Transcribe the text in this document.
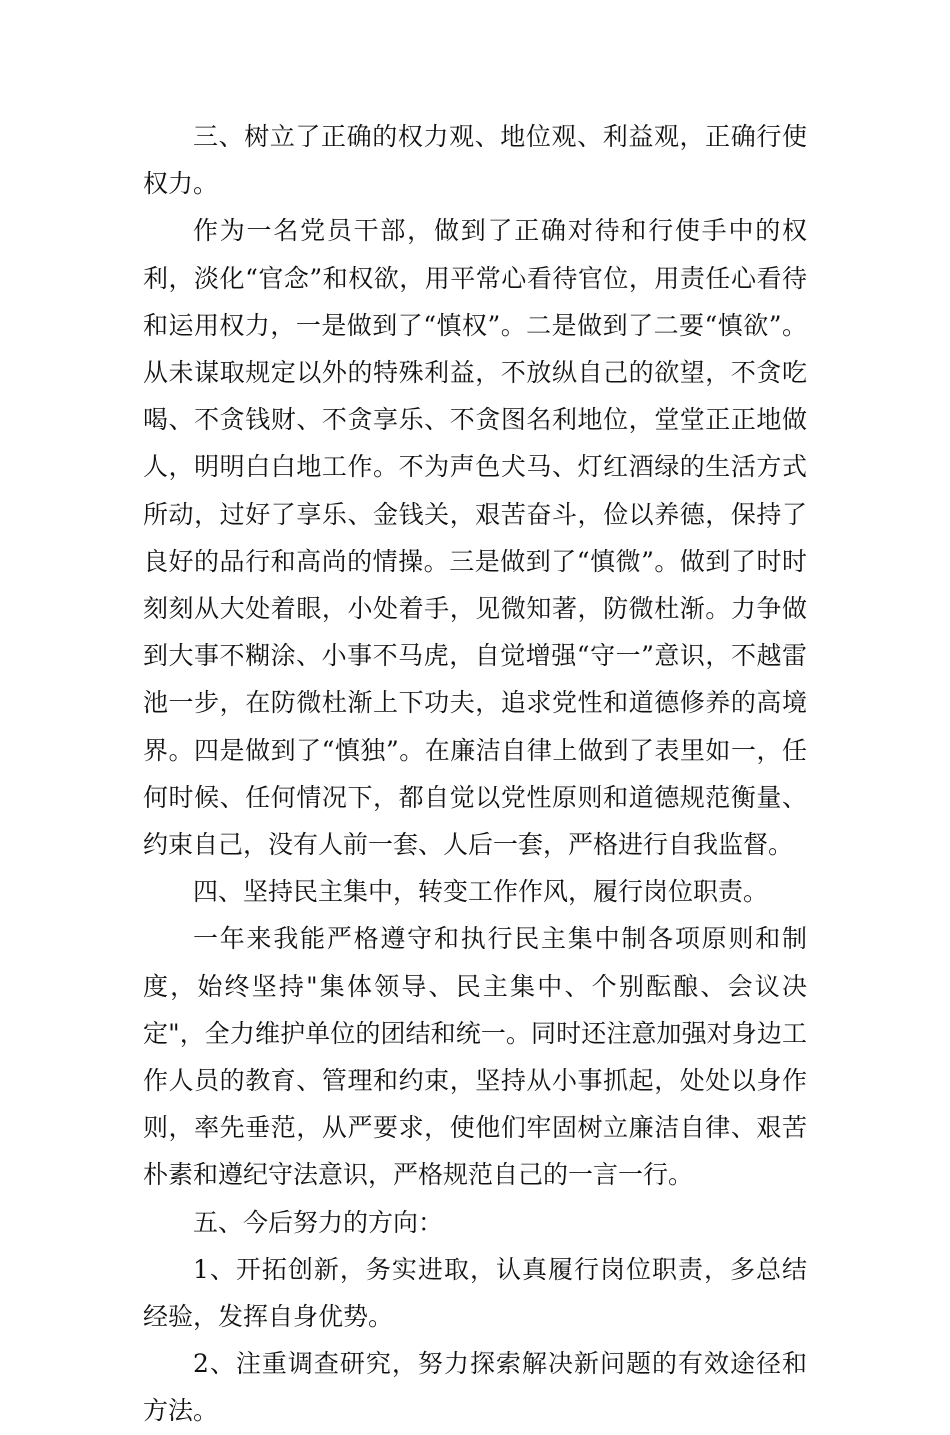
三、树立了正确的权力观、地位观、利益观，正确行使权力。

作为一名党员干部，做到了正确对待和行使手中的权利，淡化“官念”和权欲，用平常心看待官位，用责任心看待和运用权力，一是做到了“慎权”。二是做到了二要“慎欲”。从未谋取规定以外的特殊利益，不放纵自己的欲望，不贪吃喝、不贪钱财、不贪享乐、不贪图名利地位，堂堂正正地做人，明明白白地工作。不为声色犬马、灯红酒绿的生活方式所动，过好了享乐、金钱关，艰苦奋斗，俭以养德，保持了良好的品行和高尚的情操。三是做到了“慎微”。做到了时时刻刻从大处着眼，小处着手，见微知著，防微杜渐。力争做到大事不糊涂、小事不马虎，自觉增强“守一”意识，不越雷池一步，在防微杜渐上下功夫，追求党性和道德修养的高境界。四是做到了“慎独”。在廉洁自律上做到了表里如一，任何时候、任何情况下，都自觉以党性原则和道德规范衡量、约束自己，没有人前一套、人后一套，严格进行自我监督。

四、坚持民主集中，转变工作作风，履行岗位职责。

一年来我能严格遵守和执行民主集中制各项原则和制度，始终坚持"集体领导、民主集中、个别酝酿、会议决定"，全力维护单位的团结和统一。同时还注意加强对身边工作人员的教育、管理和约束，坚持从小事抓起，处处以身作则，率先垂范，从严要求，使他们牢固树立廉洁自律、艰苦朴素和遵纪守法意识，严格规范自己的一言一行。

五、今后努力的方向：

1、开拓创新，务实进取，认真履行岗位职责，多总结经验，发挥自身优势。

2、注重调查研究，努力探索解决新问题的有效途径和方法。
